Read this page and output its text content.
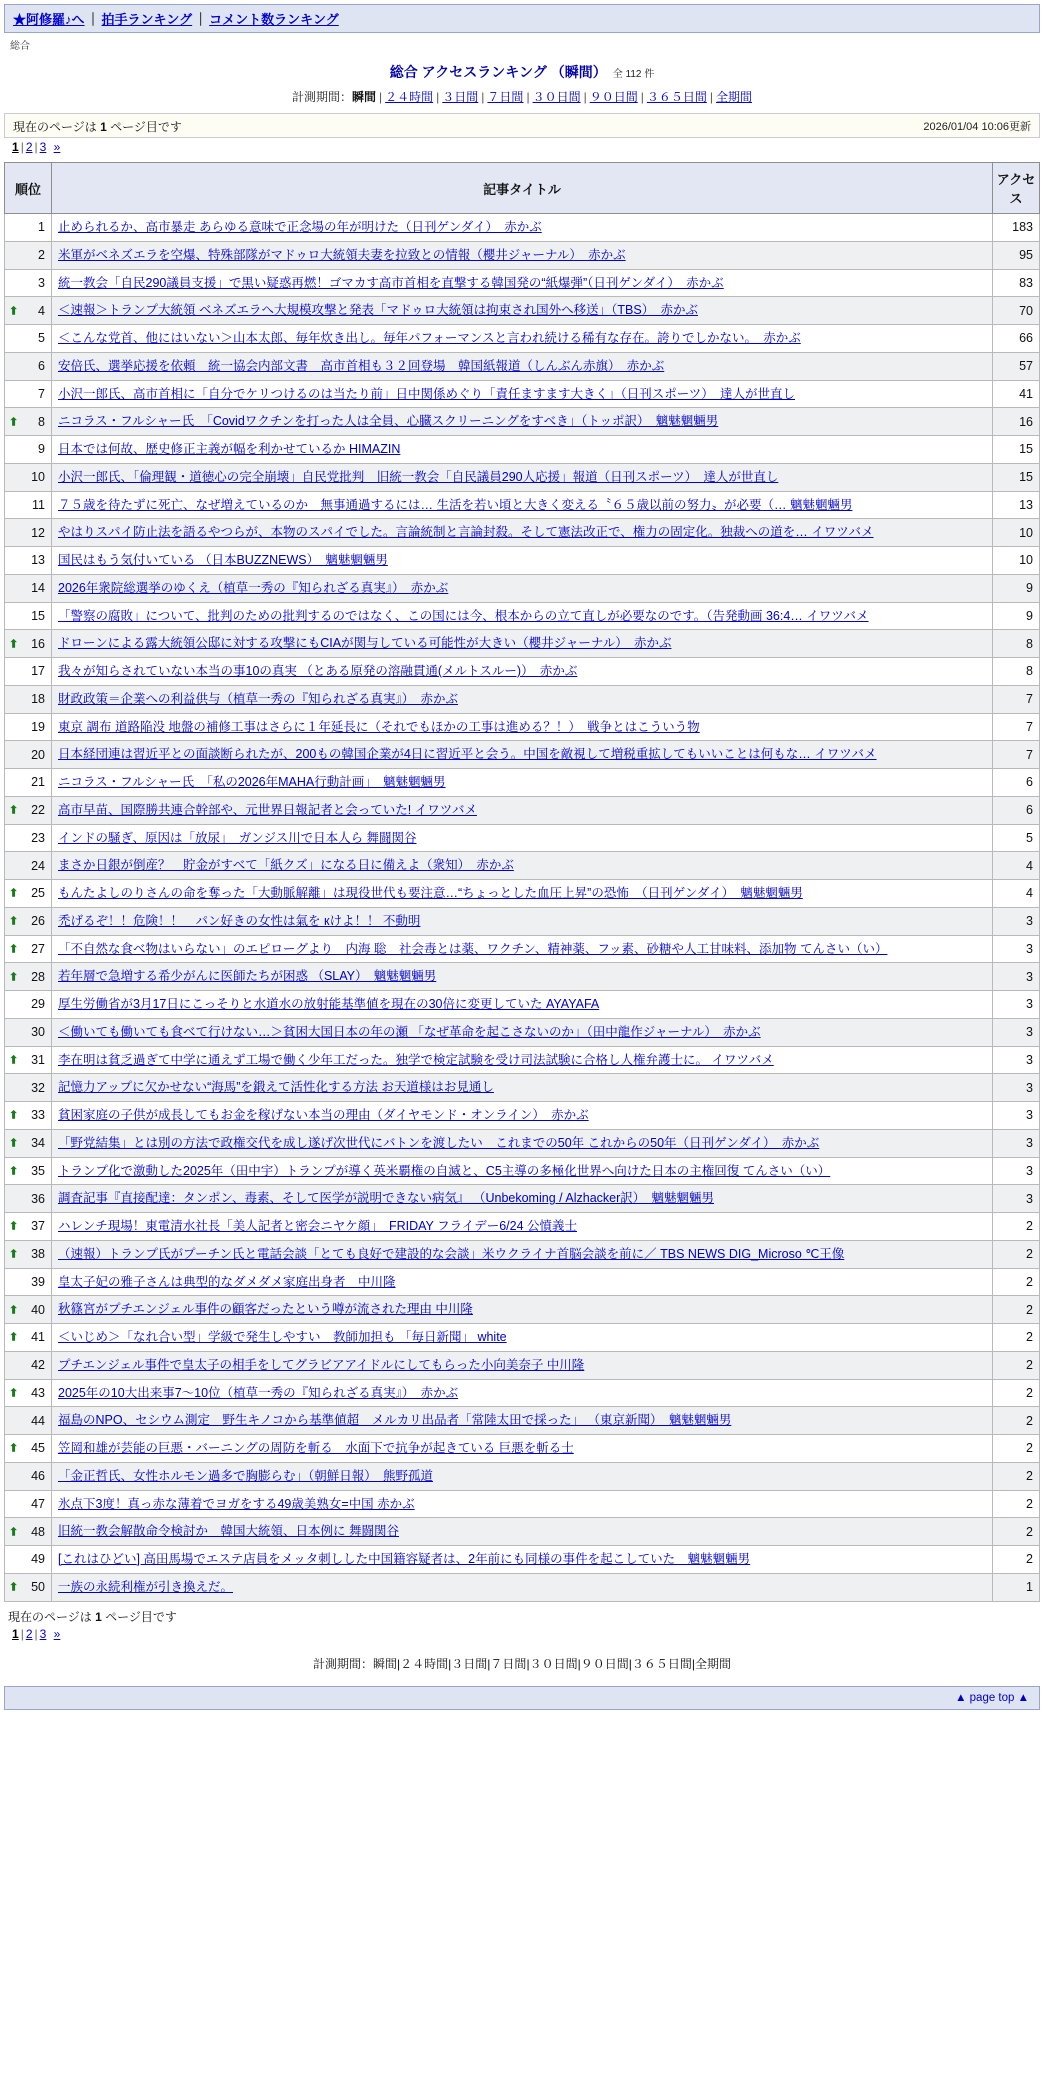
★阿修羅♪へ ｜ 拍手ランキング ｜ コメント数ランキング
総合
総合 アクセスランキング （瞬間） 全 112 件
計測期間：瞬間 | ２４時間 | ３日間 | ７日間 | ３０日間 | ９０日間 | ３６５日間 | 全期間
現在のページは 1 ページ目です	2026/01/04 10:06更新
1 | 2 | 3 »
順位	記事タイトル	アクセス
1	止められるか、高市暴走 あらゆる意味で正念場の年が明けた（日刊ゲンダイ）　赤かぶ	183
2	米軍がベネズエラを空爆、特殊部隊がマドゥロ大統領夫妻を拉致との情報（櫻井ジャーナル）　赤かぶ	95
3	統一教会「自民290議員支援」で黒い疑惑再燃！ゴマカす高市首相を直撃する韓国発の“紙爆弾”（日刊ゲンダイ）　赤かぶ	83

⬆ 4	＜速報＞トランプ大統領 ベネズエラへ大規模攻撃と発表「マドゥロ大統領は拘束され国外へ移送」（TBS）　赤かぶ	70
5	＜こんな党首、他にはいない＞山本太郎、毎年炊き出し。毎年パフォーマンスと言われ続ける稀有な存在。誇りでしかない。　赤かぶ	66
6	安倍氏、選挙応援を依頼　統一協会内部文書　高市首相も３２回登場　韓国紙報道（しんぶん赤旗）　赤かぶ	57
7	小沢一郎氏、高市首相に「自分でケリつけるのは当たり前」日中関係めぐり「責任ますます大きく」（日刊スポーツ）　達人が世直し	41

⬆ 8	ニコラス・フルシャー氏　「Covidワクチンを打った人は全員、心臓スクリーニングをすべき」（トッポ訳）　魑魅魍魎男	16
9	日本では何故、歴史修正主義が幅を利かせているか HIMAZIN	15
10	小沢一郎氏、「倫理観・道徳心の完全崩壊」自民党批判　旧統一教会「自民議員290人応援」報道（日刊スポーツ）　達人が世直し	15
11	７５歳を待たずに死亡、なぜ増えているのか　無事通過するには… 生活を若い頃と大きく変える〝６５歳以前の努力〟が必要（… 魑魅魍魎男	13
12	やはりスパイ防止法を語るやつらが、本物のスパイでした。言論統制と言論封殺。そして憲法改正で、権力の固定化。独裁への道を… イワツバメ	10
13	国民はもう気付いている （日本BUZZNEWS）　魑魅魍魎男	10
14	2026年衆院総選挙のゆくえ（植草一秀の『知られざる真実』）　赤かぶ	9
15	「警察の腐敗」について、批判のための批判するのではなく、この国には今、根本からの立て直しが必要なのです。（告発動画 36:4… イワツバメ	9

⬆ 16	ドローンによる露大統領公邸に対する攻撃にもCIAが関与している可能性が大きい（櫻井ジャーナル）　赤かぶ	8
17	我々が知らされていない本当の事10の真実 （とある原発の溶融貫通(メルトスルー)）　赤かぶ	8
18	財政政策＝企業への利益供与（植草一秀の『知られざる真実』）　赤かぶ	7
19	東京 調布 道路陥没 地盤の補修工事はさらに１年延長に（それでもほかの工事は進める？！）　戦争とはこういう物	7
20	日本経団連は習近平との面談断られたが、200もの韓国企業が4日に習近平と会う。中国を敵視して増税重拡してもいいことは何もな… イワツバメ	7
21	ニコラス・フルシャー氏　「私の2026年MAHA行動計画」　魑魅魍魎男	6

⬆ 22	高市早苗、国際勝共連合幹部や、元世界日報記者と会っていた! イワツバメ	6
23	インドの騒ぎ、原因は「放尿」　ガンジス川で日本人ら 舞闘関谷	5
24	まさか日銀が倒産？　貯金がすべて「紙クズ」になる日に備えよ（衆知）　赤かぶ	4

⬆ 25	もんたよしのりさんの命を奪った「大動脈解離」は現役世代も要注意…“ちょっとした血圧上昇”の恐怖　（日刊ゲンダイ）　魑魅魍魎男	4

⬆ 26	禿げるぞ！！危険！！　パン好きの女性は氣を кけよ！！ 不動明	3

⬆ 27	「不自然な食べ物はいらない」のエピローグより　内海 聡　社会毒とは薬、ワクチン、精神薬、フッ素、砂糖や人工甘味料、添加物 てんさい（い）	3

⬆ 28	若年層で急増する希少がんに医師たちが困惑 （SLAY）　魑魅魍魎男	3
29	厚生労働省が3月17日にこっそりと水道水の放射能基準値を現在の30倍に変更していた AYAYAFA	3
30	＜働いても働いても食べて行けない…＞貧困大国日本の年の瀬 「なぜ革命を起こさないのか」（田中龍作ジャーナル）　赤かぶ	3

⬆ 31	李在明は貧乏過ぎて中学に通えず工場で働く少年工だった。独学で検定試験を受け司法試験に合格し人権弁護士に。 イワツバメ	3
32	記憶力アップに欠かせない“海馬”を鍛えて活性化する方法 お天道様はお見通し	3

⬆ 33	貧困家庭の子供が成長してもお金を稼げない本当の理由（ダイヤモンド・オンライン）　赤かぶ	3

⬆ 34	「野党結集」とは別の方法で政権交代を成し遂げ次世代にバトンを渡したい　これまでの50年 これからの50年（日刊ゲンダイ）　赤かぶ	3

⬆ 35	トランプ化で激動した2025年（田中宇）トランプが導く英米覇権の自滅と、C5主導の多極化世界へ向けた日本の主権回復 てんさい（い）	3
36	調査記事『直接配達：タンポン、毒素、そして医学が説明できない病気』 （Unbekoming / Alzhacker訳）　魑魅魍魎男	3

⬆ 37	ハレンチ現場！東電清水社長「美人記者と密会ニヤケ顔」　FRIDAY フライデー6/24 公憤義士	2

⬆ 38	（速報）トランプ氏がプーチン氏と電話会談「とても良好で建設的な会談」米ウクライナ首脳会談を前に／ TBS NEWS DIG_Microso ℃王像	2
39	皇太子妃の雅子さんは典型的なダメダメ家庭出身者　中川隆	2

⬆ 40	秋篠宮がプチエンジェル事件の顧客だったという噂が流された理由 中川隆	2

⬆ 41	＜いじめ＞「なれ合い型」学級で発生しやすい　教師加担も 「毎日新聞」 white	2
42	プチエンジェル事件で皇太子の相手をしてグラビアアイドルにしてもらった小向美奈子 中川隆	2

⬆ 43	2025年の10大出来事7〜10位（植草一秀の『知られざる真実』）　赤かぶ	2
44	福島のNPO、セシウム測定　野生キノコから基準値超　メルカリ出品者「常陸太田で採った」 （東京新聞）　魑魅魍魎男	2

⬆ 45	笠岡和雄が芸能の巨悪・バーニングの周防を斬る　水面下で抗争が起きている 巨悪を斬る士	2
46	「金正哲氏、女性ホルモン過多で胸膨らむ」（朝鮮日報）　熊野孤道	2
47	氷点下3度！真っ赤な薄着でヨガをする49歳美熟女=中国 赤かぶ	2

⬆ 48	旧統一教会解散命令検討か　韓国大統領、日本例に 舞闘関谷	2
49	[これはひどい] 高田馬場でエステ店員をメッタ刺しした中国籍容疑者は、2年前にも同様の事件を起こしていた　魑魅魍魎男	2

⬆ 50	一族の永続利権が引き換えだ。	1
現在のページは 1 ページ目です
1 | 2 | 3 »
計測期間：瞬間|２４時間|３日間|７日間|３０日間|９０日間|３６５日間|全期間
▲ page top ▲
